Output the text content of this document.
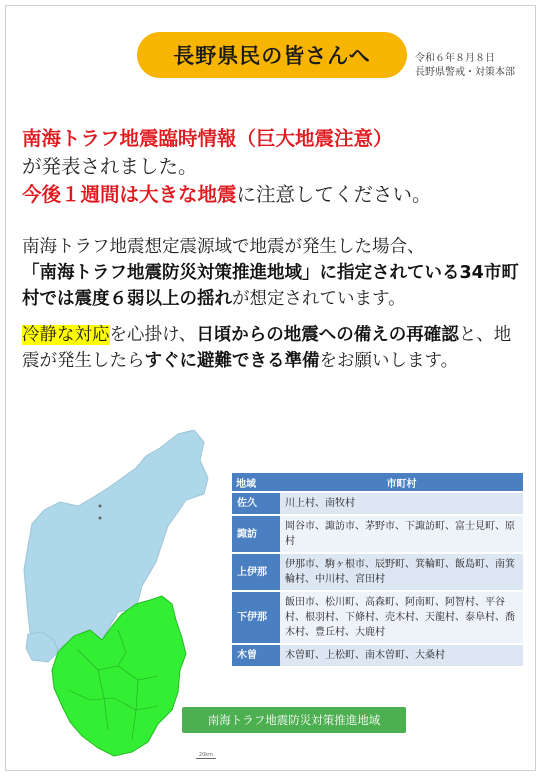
長野県民の皆さんへ	令和６年８月８日
長野県警戒・対策本部
南海トラフ地震臨時情報（巨大地震注意）
が発表されました。
今後１週間は大きな地震に注意してください。
南海トラフ地震想定震源域で地震が発生した場合、
「南海トラフ地震防災対策推進地域」に指定されている34市町村では震度６弱以上の揺れが想定されています。
冷静な対応を心掛け、日頃からの地震への備えの再確認と、地震が発生したらすぐに避難できる準備をお願いします。
南海トラフ地震防災対策推進地域
20km
地域	市町村
佐久	川上村、南牧村
諏訪	岡谷市、諏訪市、茅野市、下諏訪町、富士見町、原村
上伊那	伊那市、駒ヶ根市、辰野町、箕輪町、飯島町、南箕輪村、中川村、宮田村
下伊那	飯田市、松川町、高森町、阿南町、阿智村、平谷村、根羽村、下條村、売木村、天龍村、泰阜村、喬木村、豊丘村、大鹿村
木曽	木曽町、上松町、南木曽町、大桑村
